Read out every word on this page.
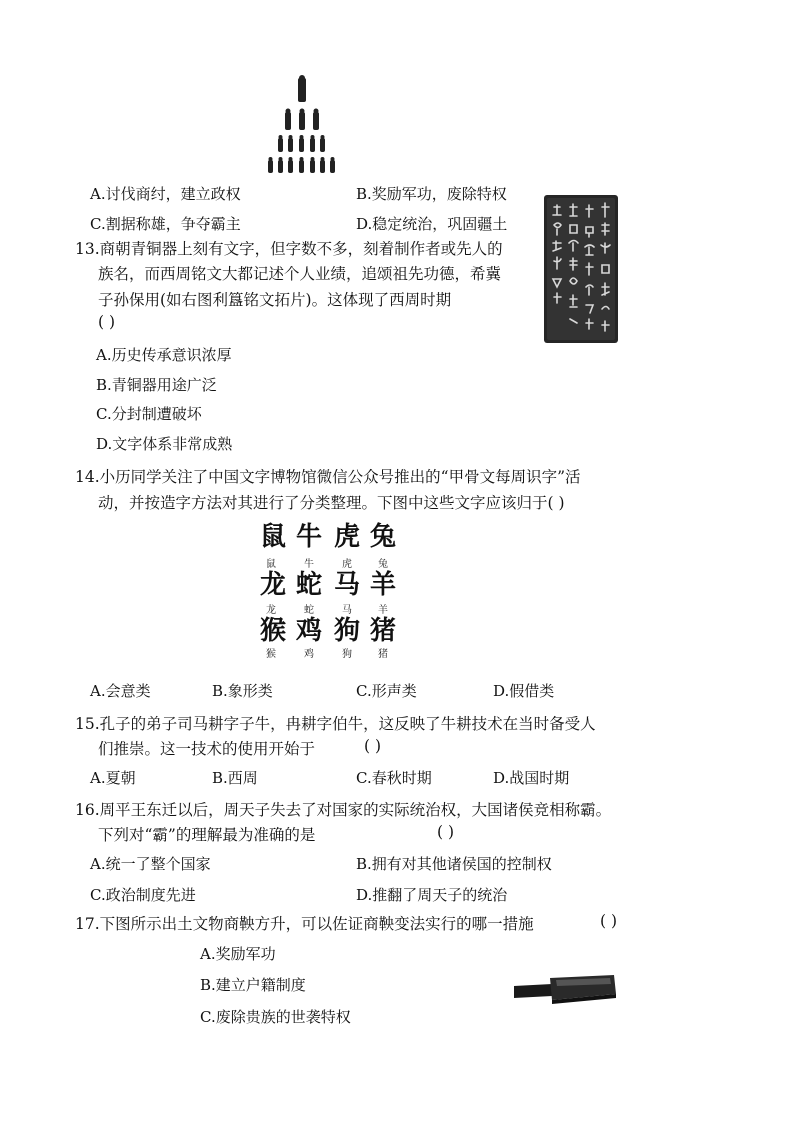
A.讨伐商纣，建立政权	B.奖励军功，废除特权
C.割据称雄，争夺霸主	D.稳定统治，巩固疆土
13.商朝青铜器上刻有文字，但字数不多，刻着制作者或先人的
族名，而西周铭文大都记述个人业绩，追颂祖先功德，希冀
子孙保用(如右图利簋铭文拓片)。这体现了西周时期
( )
A.历史传承意识浓厚
B.青铜器用途广泛
C.分封制遭破坏
D.文字体系非常成熟
14.小历同学关注了中国文字博物馆微信公众号推出的“甲骨文每周识字”活
动，并按造字方法对其进行了分类整理。下图中这些文字应该归于( )
鼠 牛 虎 兔
鼠	牛	虎	兔
龙 蛇 马 羊
龙	蛇	马	羊
猴 鸡 狗 猪
猴	鸡	狗	猪
A.会意类	B.象形类	C.形声类	D.假借类
15.孔子的弟子司马耕字子牛，冉耕字伯牛，这反映了牛耕技术在当时备受人
们推崇。这一技术的使用开始于	( )
A.夏朝	B.西周	C.春秋时期	D.战国时期
16.周平王东迁以后，周天子失去了对国家的实际统治权，大国诸侯竞相称霸。
下列对“霸”的理解最为准确的是	( )
A.统一了整个国家	B.拥有对其他诸侯国的控制权
C.政治制度先进	D.推翻了周天子的统治
17.下图所示出土文物商鞅方升，可以佐证商鞅变法实行的哪一措施	( )
A.奖励军功
B.建立户籍制度
C.废除贵族的世袭特权
